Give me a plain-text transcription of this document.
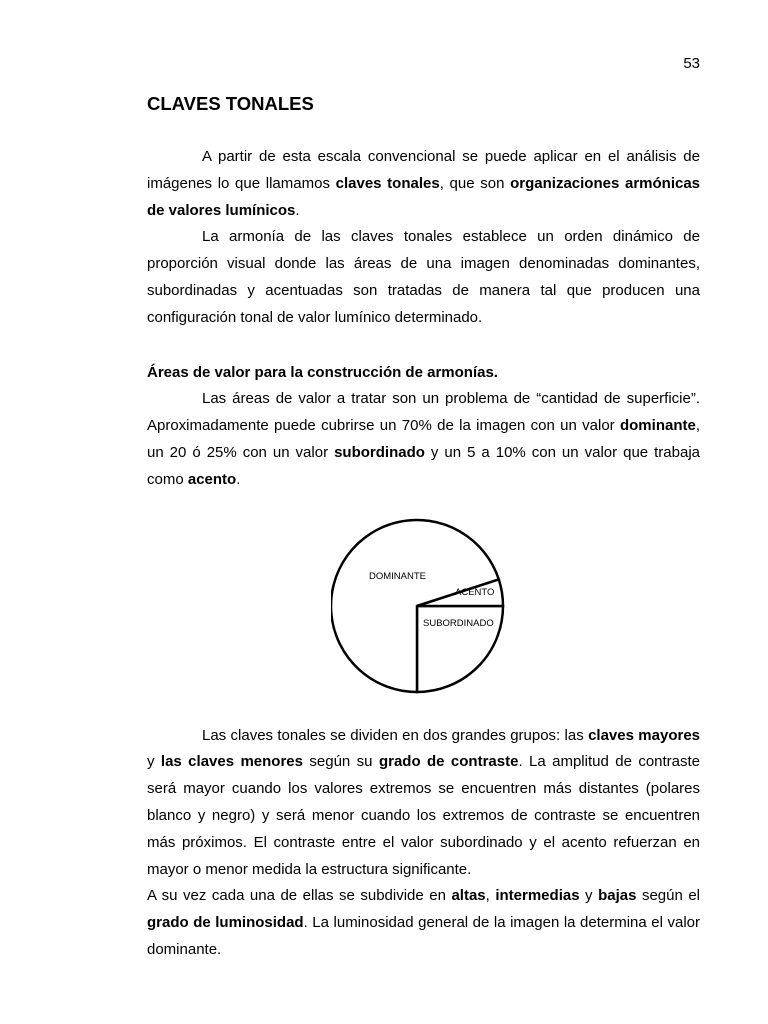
53
CLAVES TONALES

A partir de esta escala convencional se puede aplicar en el análisis de imágenes lo que llamamos claves tonales, que son organizaciones armónicas de valores lumínicos.

La armonía de las claves tonales establece un orden dinámico de proporción visual donde las áreas de una imagen denominadas dominantes, subordinadas y acentuadas son tratadas de manera tal que producen una configuración tonal de valor lumínico determinado.

Áreas de valor para la construcción de armonías.

Las áreas de valor a tratar son un problema de “cantidad de superficie”. Aproximadamente puede cubrirse un 70% de la imagen con un valor dominante, un 20 ó 25% con un valor subordinado y un 5 a 10% con un valor que trabaja como acento.

DOMINANTE
SUBORDINADO
ACENTO

Las claves tonales se dividen en dos grandes grupos: las claves mayores y las claves menores según su grado de contraste. La amplitud de contraste será mayor cuando los valores extremos se encuentren más distantes (polares blanco y negro) y será menor cuando los extremos de contraste se encuentren más próximos. El contraste entre el valor subordinado y el acento refuerzan en mayor o menor medida la estructura significante.

A su vez cada una de ellas se subdivide en altas, intermedias y bajas según el grado de luminosidad. La luminosidad general de la imagen la determina el valor dominante.
